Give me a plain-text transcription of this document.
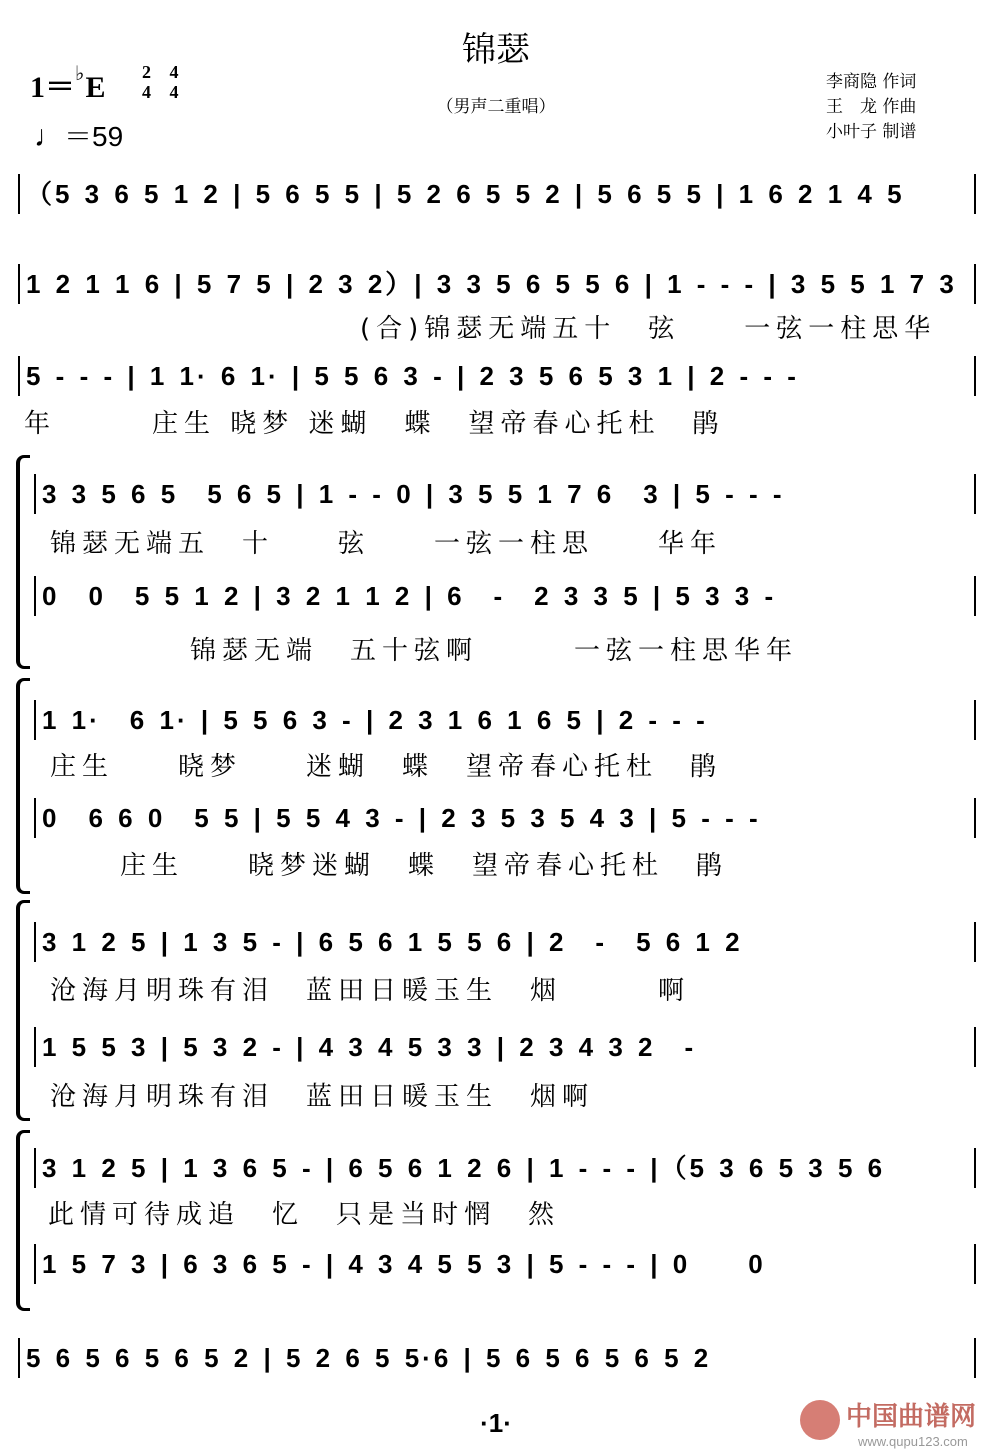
锦瑟
（男声二重唱）
1＝♭E 2
4

4
4
♩＝59
李商隐 作词
王　龙 作曲
小叶子 制谱
（5 3 6 5 1 2 | 5 6 5 5 | 5 2 6 5 5 2 | 5 6 5 5 | 1 6 2 1 4 5
1 2 1 1 6 | 5 7 5 | 2 3 2）| 3 3 5 6 5 5 6 | 1 - - - | 3 5 5 1 7 3
(合)锦瑟无端五十　弦　　一弦一柱思华
5 - - - | 1 1· 6 1· | 5 5 6 3 - | 2 3 5 6 5 3 1 | 2 - - -
年　　　庄生 晓梦 迷蝴　蝶　望帝春心托杜　鹃
3 3 5 6 5　5 6 5 | 1 - - 0 | 3 5 5 1 7 6　3 | 5 - - -
锦瑟无端五　十　　弦　　一弦一柱思　　华年
0　0　5 5 1 2 | 3 2 1 1 2 | 6　-　2 3 3 5 | 5 3 3 -
锦瑟无端　五十弦啊　　　一弦一柱思华年
1 1·　6 1· | 5 5 6 3 - | 2 3 1 6 1 6 5 | 2 - - -
庄生　　晓梦　　迷蝴　蝶　望帝春心托杜　鹃
0　6 6 0　5 5 | 5 5 4 3 - | 2 3 5 3 5 4 3 | 5 - - -
庄生　　晓梦迷蝴　蝶　望帝春心托杜　鹃
3 1 2 5 | 1 3 5 - | 6 5 6 1 5 5 6 | 2　-　5 6 1 2
沧海月明珠有泪　蓝田日暖玉生　烟　　　啊
1 5 5 3 | 5 3 2 - | 4 3 4 5 3 3 | 2 3 4 3 2　-
沧海月明珠有泪　蓝田日暖玉生　烟啊
3 1 2 5 | 1 3 6 5 - | 6 5 6 1 2 6 | 1 - - - |（5 3 6 5 3 5 6
此情可待成追　忆　只是当时惘　然
1 5 7 3 | 6 3 6 5 - | 4 3 4 5 5 3 | 5 - - - | 0　　0
5 6 5 6 5 6 5 2 | 5 2 6 5 5·6 | 5 6 5 6 5 6 5 2
·1·	中国曲谱网
www.qupu123.com
